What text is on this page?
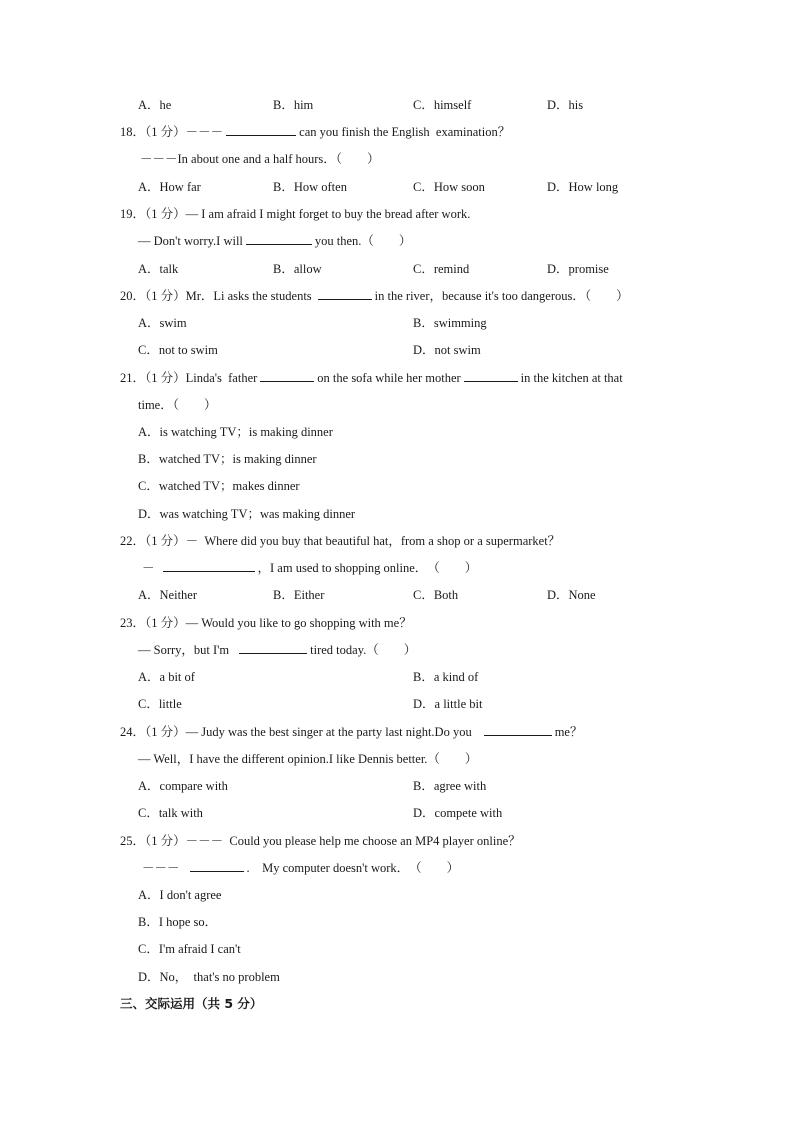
A．he	B．him	C．himself	D．his
18．（1 分）－－－	can you finish the English  examination？
－－－In about one and a half hours．（　　）
A．How far	B．How often	C．How soon	D．How long
19．（1 分）— I am afraid I might forget to buy the bread after work.
— Don't worry.I will	you then.（　　）
A．talk	B．allow	C．remind	D．promise
20．（1 分）Mr．Li asks the students	in the river，because it's too dangerous．（　　）
A．swim	B．swimming
C．not to swim	D．not swim
21．（1 分）Linda's  father	on the sofa while her mother	in the kitchen at that
time．（　　）
A．is watching TV；is making dinner
B．watched TV；is making dinner
C．watched TV；makes dinner
D．was watching TV；was making dinner
22．（1 分）－  Where did you buy that beautiful hat，from a shop or a supermarket？
－	，I am used to shopping online．　（　　）
A．Neither	B．Either	C．Both	D．None
23．（1 分）— Would you like to go shopping with me？
— Sorry，but I'm	tired today.（　　）
A．a bit of	B．a kind of
C．little	D．a little bit
24．（1 分）— Judy was the best singer at the party last night.Do you	me？
— Well，I have the different opinion.I like Dennis better.（　　）
A．compare with	B．agree with
C．talk with	D．compete with
25．（1 分）－－－  Could you please help me choose an MP4 player online？
－－－	.    My computer doesn't work．　（　　）
A．I don't agree
B．I hope so．
C．I'm afraid I can't
D．No，  that's no problem
三、交际运用（共 5 分）
